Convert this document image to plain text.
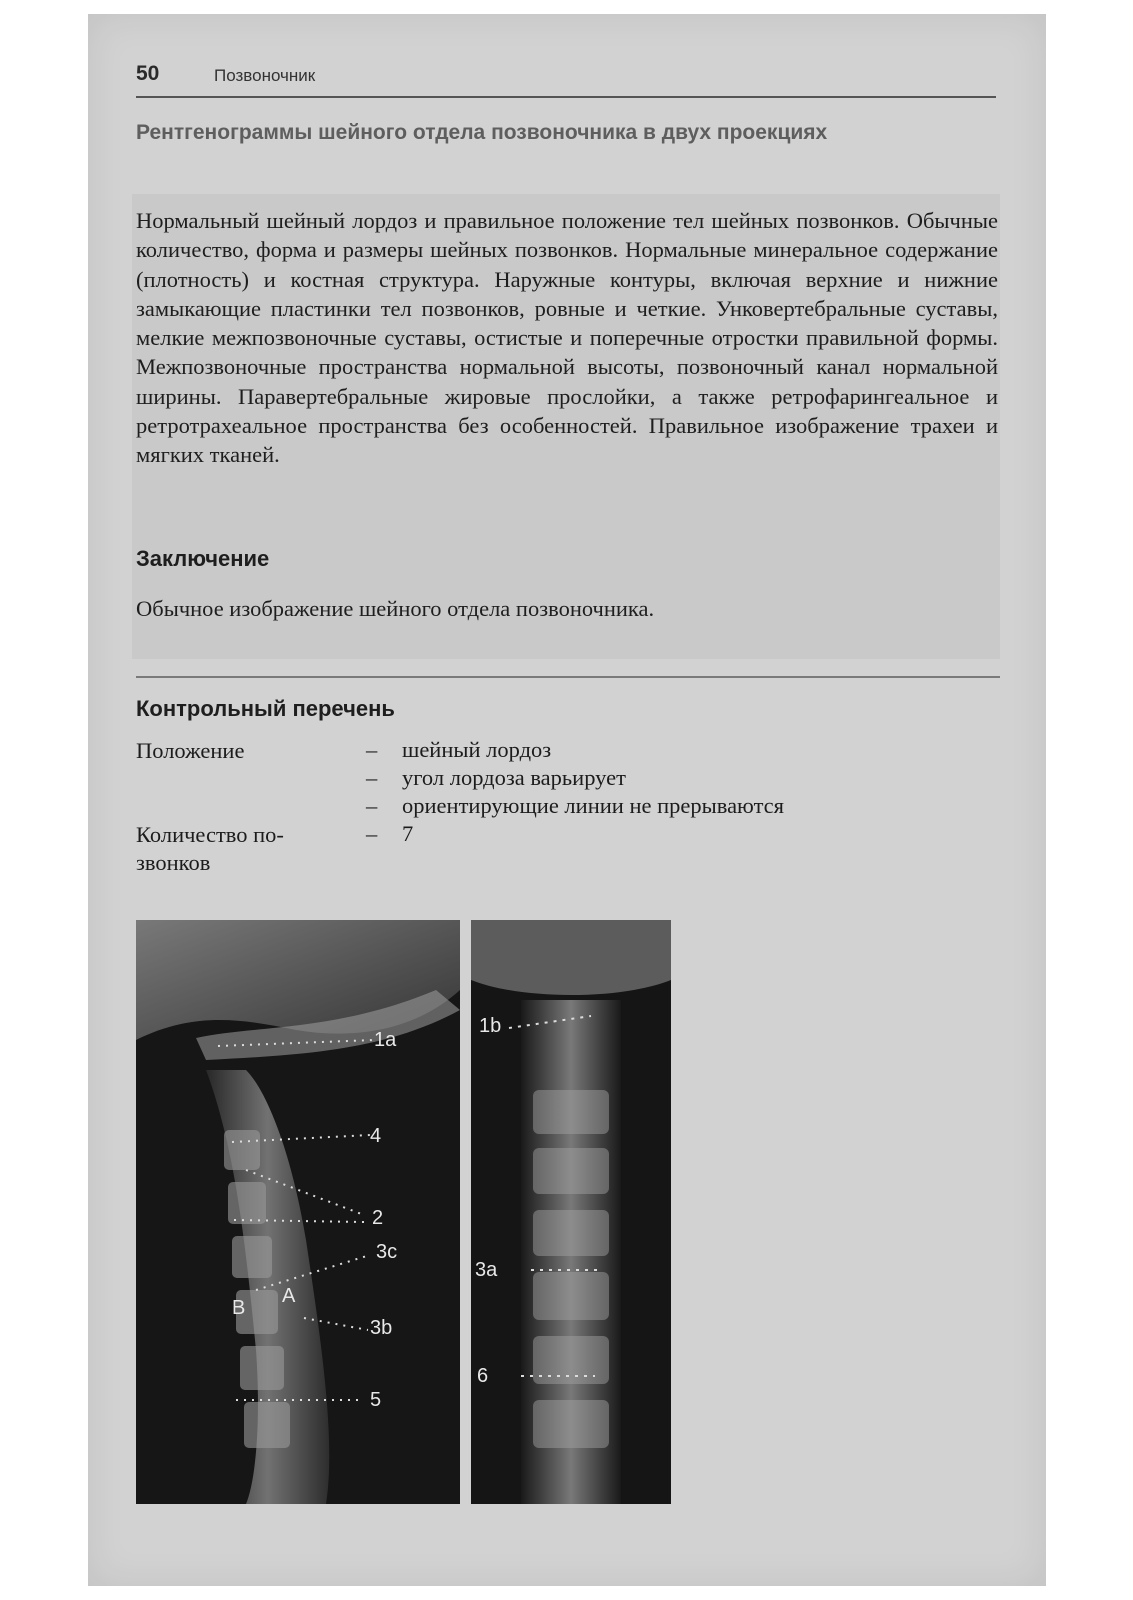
50	Позвоночник
Рентгенограммы шейного отдела позвоночника в двух проекциях
Нормальный шейный лордоз и правильное положение тел шейных позвонков. Обычные количество, форма и размеры шейных позвонков. Нормальные минеральное содержание (плотность) и костная структура. Наружные контуры, включая верхние и нижние замыкающие пластинки тел позвонков, ровные и четкие. Унковертебральные суставы, мелкие межпозвоночные суставы, остистые и поперечные отростки правильной формы. Межпозвоночные пространства нормальной высоты, позвоночный канал нормальной ширины. Паравертебральные жировые прослойки, а также ретрофарингеальное и ретротрахеальное пространства без особенностей. Правильное изображение трахеи и мягких тканей.
Заключение
Обычное изображение шейного отдела позвоночника.
Контрольный перечень
Положение	– шейный лордоз
– угол лордоза варьирует
– ориентирующие линии не прерываются
Количество по-
звонков
– 7
1a
4
2
3c
3b
5
A
B
1b
3a
6
